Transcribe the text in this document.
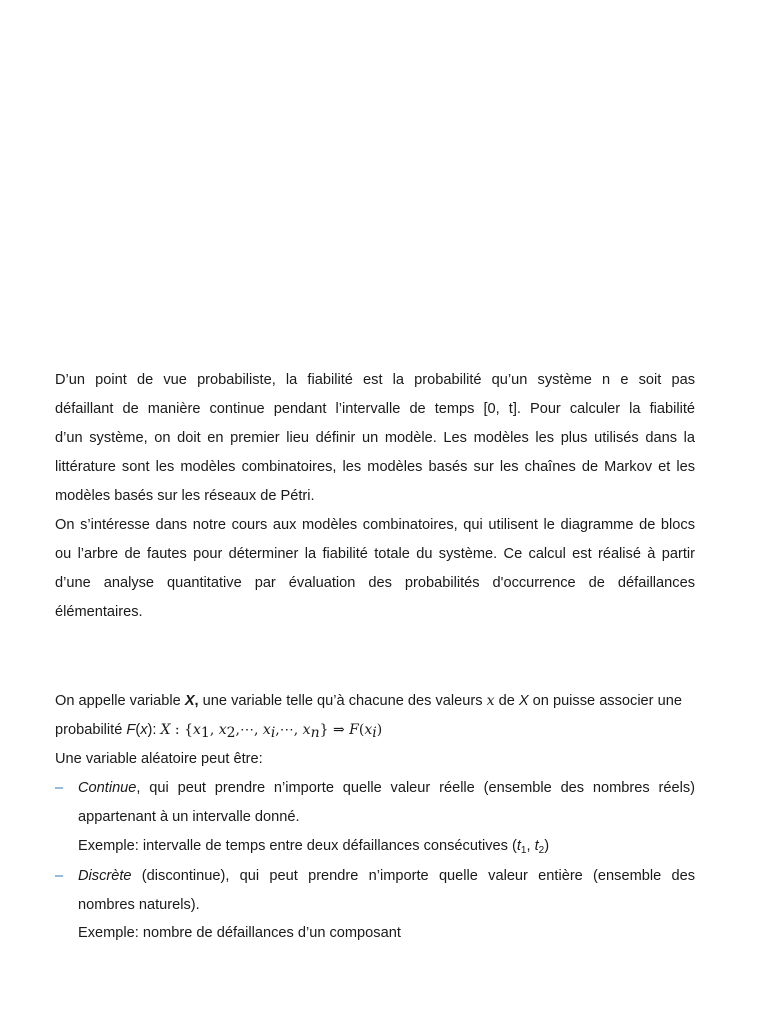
D’un point de vue probabiliste, la fiabilité est la probabilité qu’un système n e soit pas
défaillant de manière continue pendant l’intervalle de temps [0, t]. Pour calculer la fiabilité
d’un système, on doit en premier lieu définir un modèle. Les modèles les plus utilisés dans la
littérature sont les modèles combinatoires, les modèles basés sur les chaînes de Markov et les
modèles basés sur les réseaux de Pétri.
On s’intéresse dans notre cours aux modèles combinatoires, qui utilisent le diagramme de blocs
ou l’arbre de fautes pour déterminer la fiabilité totale du système. Ce calcul est réalisé à partir
d’une analyse quantitative par évaluation des probabilités d'occurrence de défaillances
élémentaires.
On appelle variable X, une variable telle qu’à chacune des valeurs x de X on puisse associer une
probabilité F(x): X : {$x_1$, $x_2,\cdots$, $x_i,\cdots$, $x_n$} ⇒ $F(x_i)$
Une variable aléatoire peut être:
– Continue, qui peut prendre n’importe quelle valeur réelle (ensemble des nombres réels)
appartenant à un intervalle donné.
Exemple: intervalle de temps entre deux défaillances consécutives ($t_1$, $t_2$)
– Discrète (discontinue), qui peut prendre n’importe quelle valeur entière (ensemble des
nombres naturels).
Exemple: nombre de défaillances d’un composant
